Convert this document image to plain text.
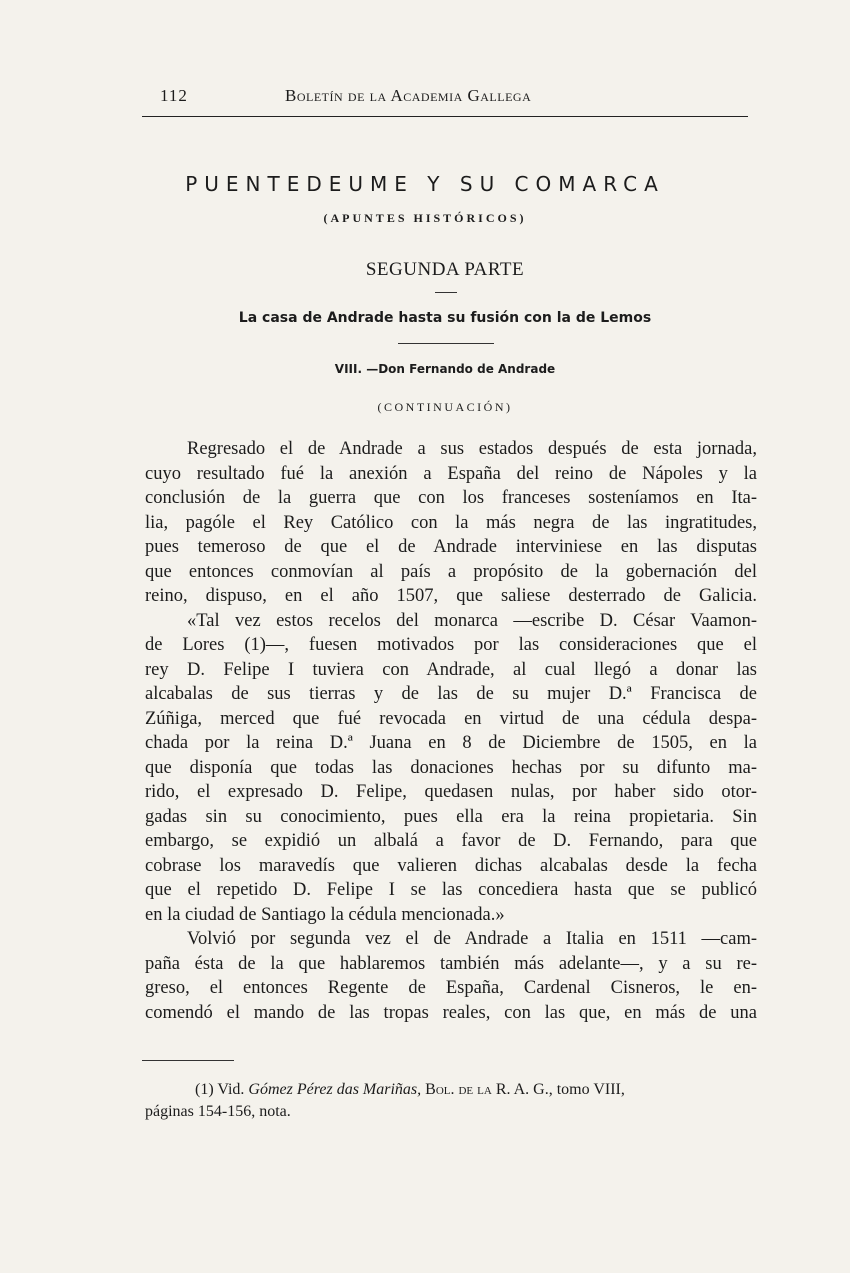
112	Boletín de la Academia Gallega
PUENTEDEUME Y SU COMARCA
(APUNTES HISTÓRICOS)
SEGUNDA PARTE
La casa de Andrade hasta su fusión con la de Lemos
VIII. —Don Fernando de Andrade
(CONTINUACIÓN)
Regresado el de Andrade a sus estados después de esta jornada,
cuyo resultado fué la anexión a España del reino de Nápoles y la
conclusión de la guerra que con los franceses sosteníamos en Ita-
lia, pagóle el Rey Católico con la más negra de las ingratitudes,
pues temeroso de que el de Andrade interviniese en las disputas
que entonces conmovían al país a propósito de la gobernación del
reino, dispuso, en el año 1507, que saliese desterrado de Galicia.
«Tal vez estos recelos del monarca —escribe D. César Vaamon-
de Lores (1)—, fuesen motivados por las consideraciones que el
rey D. Felipe I tuviera con Andrade, al cual llegó a donar las
alcabalas de sus tierras y de las de su mujer D.ª Francisca de
Zúñiga, merced que fué revocada en virtud de una cédula despa-
chada por la reina D.ª Juana en 8 de Diciembre de 1505, en la
que disponía que todas las donaciones hechas por su difunto ma-
rido, el expresado D. Felipe, quedasen nulas, por haber sido otor-
gadas sin su conocimiento, pues ella era la reina propietaria. Sin
embargo, se expidió un albalá a favor de D. Fernando, para que
cobrase los maravedís que valieren dichas alcabalas desde la fecha
que el repetido D. Felipe I se las concediera hasta que se publicó
en la ciudad de Santiago la cédula mencionada.»
Volvió por segunda vez el de Andrade a Italia en 1511 —cam-
paña ésta de la que hablaremos también más adelante—, y a su re-
greso, el entonces Regente de España, Cardenal Cisneros, le en-
comendó el mando de las tropas reales, con las que, en más de una
(1) Vid. Gómez Pérez das Mariñas, Bol. de la R. A. G., tomo VIII,
páginas 154-156, nota.
